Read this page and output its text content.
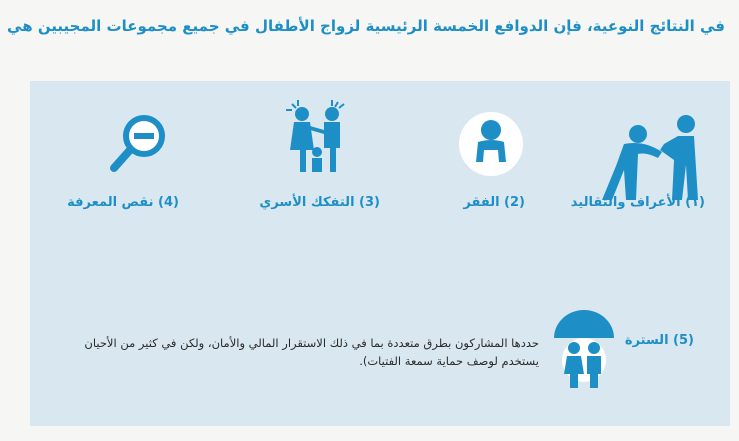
في النتائج النوعية، فإن الدوافع الخمسة الرئيسية لزواج الأطفال في جميع مجموعات المجيبين هي
(١) الأعراف والتقاليد
(2) الفقر
(3) التفكك الأسري
(4) نقص المعرفة
(5) السترة
حددها المشاركون بطرق متعددة بما في ذلك الاستقرار المالي والأمان، ولكن في كثير من الأحيان يستخدم لوصف حماية سمعة الفتيات).
